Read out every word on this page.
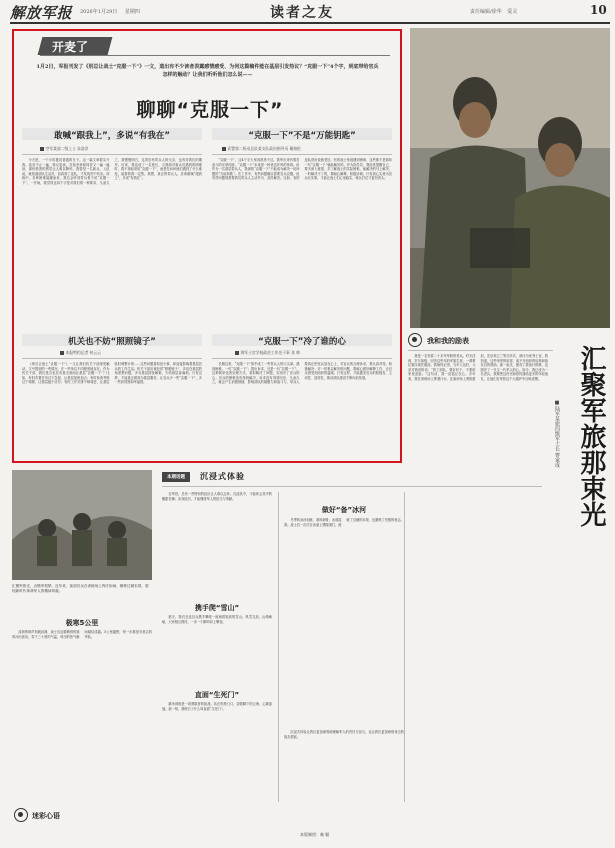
解放军报 2026年1月29日 星期四	读者之友	责任编辑/徐华 爱灵	10
开麦了
1月2日，军报刊发了《别总让战士“克服一下”》一文，道出有不少读者表露感情感受、为何这篇稿件能在基层引发热议？“克服一下”4个字，到底带给官兵怎样的触动？让我们听听他们怎么说——
聊聊“克服一下”
敢喊“跟我上”，多说“有我在”
空军某部二级上士 朱洛淳

今天是，一个平时极其普通的日子。这一篇文章着实令我，甚至不止一遍，我反复读，在宿舍里和同伴又一遍一遍读，那份熟悉的感觉让人难以释怀。我曾是一名新兵，入伍前，就知道部队生活苦，但真到了连队，才发现苦中有乐。训练中，各种困难接踵而来，我总会听到带兵骨干说“克服一下”。一开始，我觉得这四个字是对我们的一种要求，久而久之，我慢慢明白，这背后有带兵人的无奈，也有对我们的期许。后来，我也成了一名班长，当我面对新兵们遇到的困难时，我不再轻易说“克服一下”，而是先问问他们遇到了什么难处，能帮的我一定帮。我想，真正的带兵人，应该敢喊“跟我上”，多说“有我在”。

“克服一下”不是“万能钥匙”
武警第二机动总队某支队政治指导员 戴柏松

“克服一下”，这4个字大家再熟悉不过。我军历来有艰苦奋斗的光荣传统，“克服一下”本身是一种优良作风的体现。但作为一名基层带兵人，我深知“克服一下”不能成为解决一切问题的“万能钥匙”。在工作中，有些问题确实需要官兵克服，但有些问题则需要我们带兵人主动作为、及时解决。比如，有的连队营房设施老旧，有的战士家庭遇到困难，这些都不是简单一句“克服一下”就能解决的。作为指导员，我经常提醒自己，要多深入班排，多了解战士的实际困难，能解决的马上解决，一时解决不了的，要耐心解释，积极协调。只有真心实意为官兵办实事，才能让战士们心里踏实，练兵打仗才更有劲头。

机关也不妨“照照镜子”
本报特约记者 何云云

《别总让战士“克服一下”》一文让我们机关干部深受触动。文中提到的一些情况，在一些单位不同程度地存在。作为机关干部，我们是否也在有意无意间让基层“克服一下”？比如，有时布置任务过于急促，让基层加班加点；有时检查考核过于频繁，让基层疲于应付；有时工作安排不够周密，让基层临时调整计划……这些问题看似是小事，却直接影响着基层官兵的工作生活。机关干部应该经常“照照镜子”，多站在基层的角度想问题，多为基层排忧解难，少给基层添麻烦。只有这样，才能真正做到为基层服务，让官兵少一些“克服一下”，多一些获得感和幸福感。

“克服一下”冷了谁的心
海军士官学校政治工作处干事 张 帅

长期以来，“克服一下”似乎成了一些带兵人的口头禅。遇到困难，一句“克服一下”；提出诉求，还是一句“克服一下”。这种简单化的处理方式，看似解决了问题，实则冷了官兵的心。官兵的困难没有得到解决，诉求没有得到回应，久而久之，就会产生消极情绪，影响部队的凝聚力和战斗力。带兵人要真正把官兵放在心上，对官兵的合理诉求，要认真对待，积极解决；对一时难以解决的问题，要耐心做好解释工作，让官兵感受到组织的温暖。只有这样，才能激发官兵的积极性、主动性、创造性，推动部队建设不断向前发展。

我和我的励表

我是一名有着二十多年军龄的老兵。时光荏苒，岁月如梭，回首这些年的军旅生涯，一幕幕往事浮现在眼前。我始终记得，当年入伍时，父亲对我说的话：“到了部队，要好好干，不要给家里丢脸。”这句话，我一直铭记在心。多年来，我在训练场上挥洒汗水，在演训场上勇挑重担，先后荣立三等功多次，被评为优秀士官。我知道，这些荣誉的取得，离不开组织的培养和战友们的帮助。那一束光，照亮了我前行的路，也照亮了一代又一代军人的心。如今，我已成为一名老兵，我要把这份光和热传递给更多的年轻战友，让他们在军营这个大熔炉中百炼成钢。	汇聚军旅那束光
■陆军某旅四级军士长 曹家成
汇聚军旅光，点燃军旅梦。近年来，某部官兵在训练场上挥汗如雨，锤炼过硬本领，展现新时代革命军人的精神风貌。
极寒5公里

清晨的哨声划破寂静，战士们迎着刺骨的寒风冲出营房。零下三十度的气温，呼出的热气瞬间凝结成霜。5公里越野，每一步都是对意志的考验。

迷彩心语
本期话题	沉浸式体验

在军营，总有一些特别的经历让人难以忘怀。沉浸其中，才能体会其中的酸甜苦辣；亲身经历，才能懂得军人的担当与奉献。

携手爬“雪山”

那天，我们全连官兵携手攀爬一座海拔较高的雪山。风雪交加，山路崎岖，大家相互搀扶，一步一个脚印向上攀登。

直面“生死门”

跳伞训练是一项勇敢者的挑战。站在机舱门口，望着脚下的云海，心跳加速。那一刻，我明白了什么叫直面“生死门”。

做好“备”冰河

冬季的冰河训练，寒风刺骨，冰面湿滑。战士们一次次在冰面上摸爬滚打，练就了过硬的本领，也磨炼了坚强的意志。

沉浸式体验让我们更加深刻地理解军人的责任与担当，也让我们更加珍惜身边的战友情谊。

本版制图：赖 颖
